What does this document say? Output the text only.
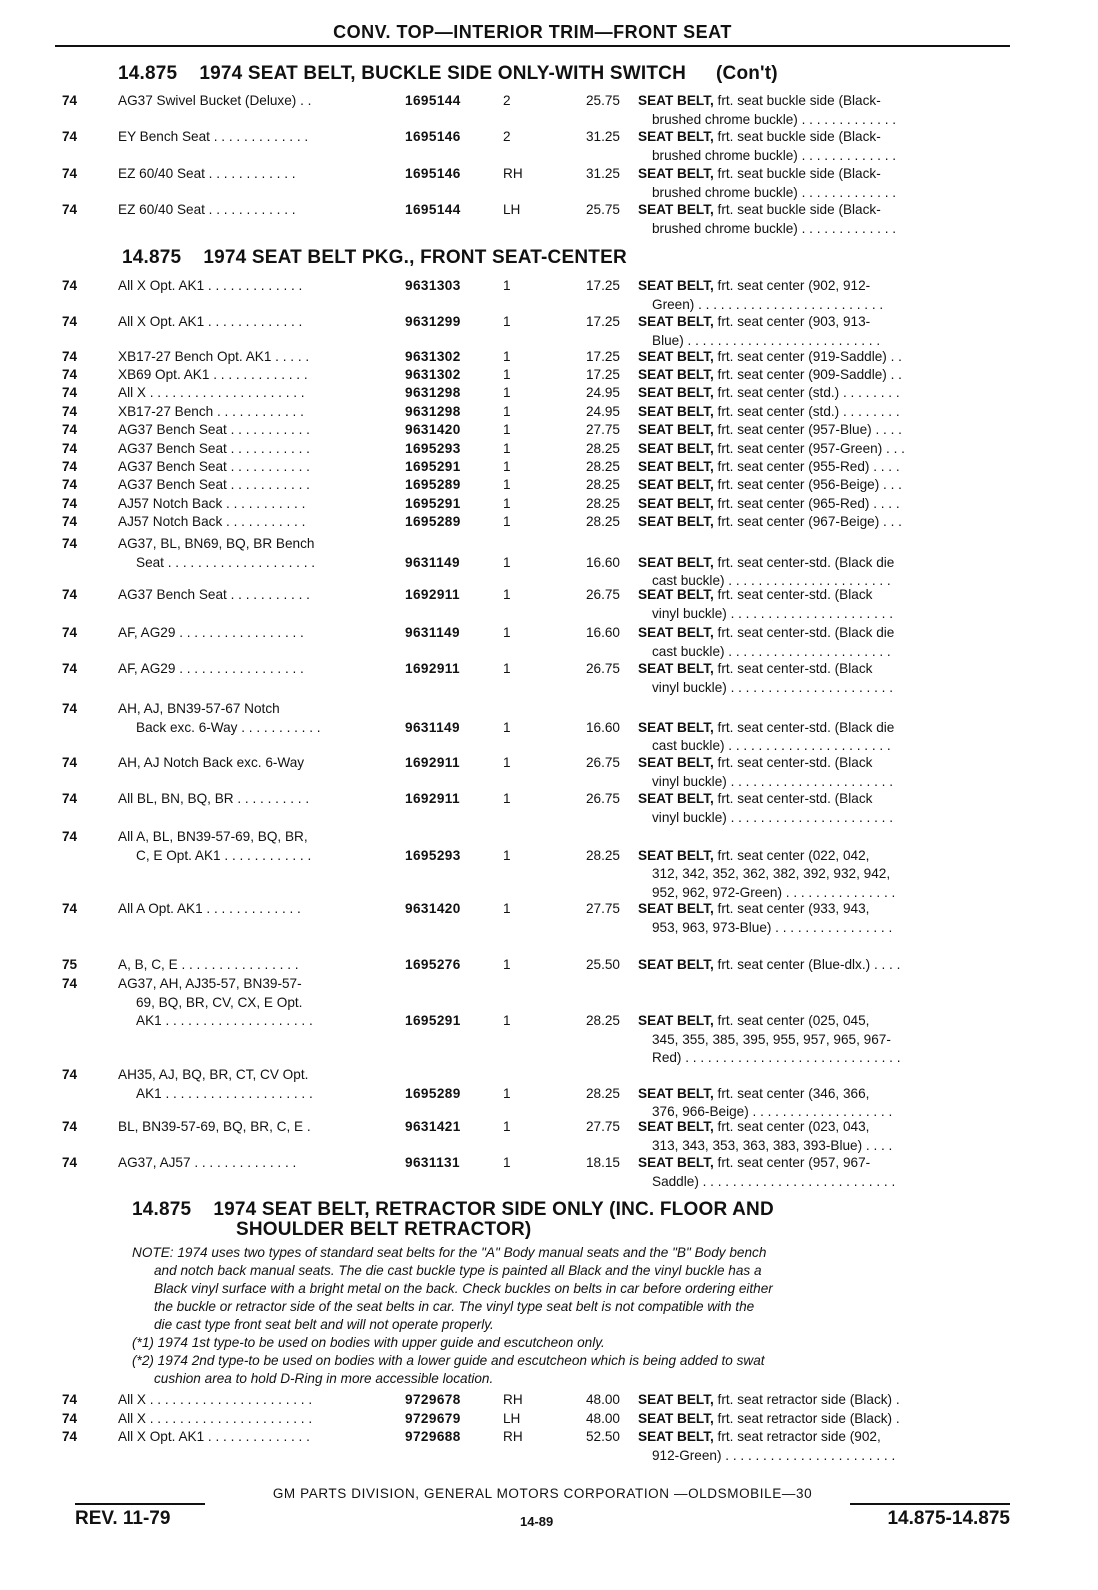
CONV. TOP—INTERIOR TRIM—FRONT SEAT
14.875 1974 SEAT BELT, BUCKLE SIDE ONLY-WITH SWITCH (Con't)
74	AG37 Swivel Bucket (Deluxe) . .	1695144	2	25.75 SEAT BELT, frt. seat buckle side (Black-
brushed chrome buckle) . . . . . . . . . . . . .
74	EY Bench Seat . . . . . . . . . . . . .	1695146	2	31.25 SEAT BELT, frt. seat buckle side (Black-
brushed chrome buckle) . . . . . . . . . . . . .
74	EZ 60/40 Seat . . . . . . . . . . . .	1695146	RH	31.25 SEAT BELT, frt. seat buckle side (Black-
brushed chrome buckle) . . . . . . . . . . . . .
74	EZ 60/40 Seat . . . . . . . . . . . .	1695144	LH	25.75 SEAT BELT, frt. seat buckle side (Black-
brushed chrome buckle) . . . . . . . . . . . . .
14.875 1974 SEAT BELT PKG., FRONT SEAT-CENTER
74	All X Opt. AK1 . . . . . . . . . . . . .	9631303	1	17.25 SEAT BELT, frt. seat center (902, 912-
Green) . . . . . . . . . . . . . . . . . . . . . . . . .
74	All X Opt. AK1 . . . . . . . . . . . . .	9631299	1	17.25 SEAT BELT, frt. seat center (903, 913-
Blue) . . . . . . . . . . . . . . . . . . . . . . . . . .
74	XB17-27 Bench Opt. AK1 . . . . .	9631302	1	17.25 SEAT BELT, frt. seat center (919-Saddle) . .
74	XB69 Opt. AK1 . . . . . . . . . . . . .	9631302	1	17.25 SEAT BELT, frt. seat center (909-Saddle) . .
74	All X . . . . . . . . . . . . . . . . . . . . .	9631298	1	24.95 SEAT BELT, frt. seat center (std.) . . . . . . . .
74	XB17-27 Bench . . . . . . . . . . . .	9631298	1	24.95 SEAT BELT, frt. seat center (std.) . . . . . . . .
74	AG37 Bench Seat . . . . . . . . . . .	9631420	1	27.75 SEAT BELT, frt. seat center (957-Blue) . . . .
74	AG37 Bench Seat . . . . . . . . . . .	1695293	1	28.25 SEAT BELT, frt. seat center (957-Green) . . .
74	AG37 Bench Seat . . . . . . . . . . .	1695291	1	28.25 SEAT BELT, frt. seat center (955-Red) . . . .
74	AG37 Bench Seat . . . . . . . . . . .	1695289	1	28.25 SEAT BELT, frt. seat center (956-Beige) . . .
74	AJ57 Notch Back . . . . . . . . . . .	1695291	1	28.25 SEAT BELT, frt. seat center (965-Red) . . . .
74	AJ57 Notch Back . . . . . . . . . . .	1695289	1	28.25 SEAT BELT, frt. seat center (967-Beige) . . .
74	AG37, BL, BN69, BQ, BR Bench
Seat . . . . . . . . . . . . . . . . . . . .	9631149	1	16.60 SEAT BELT, frt. seat center-std. (Black die
cast buckle) . . . . . . . . . . . . . . . . . . . . . .
74	AG37 Bench Seat . . . . . . . . . . .	1692911	1	26.75 SEAT BELT, frt. seat center-std. (Black
vinyl buckle) . . . . . . . . . . . . . . . . . . . . . .
74	AF, AG29 . . . . . . . . . . . . . . . . .	9631149	1	16.60 SEAT BELT, frt. seat center-std. (Black die
cast buckle) . . . . . . . . . . . . . . . . . . . . . .
74	AF, AG29 . . . . . . . . . . . . . . . . .	1692911	1	26.75 SEAT BELT, frt. seat center-std. (Black
vinyl buckle) . . . . . . . . . . . . . . . . . . . . . .
74	AH, AJ, BN39-57-67 Notch
Back exc. 6-Way . . . . . . . . . . .	9631149	1	16.60 SEAT BELT, frt. seat center-std. (Black die
cast buckle) . . . . . . . . . . . . . . . . . . . . . .
74	AH, AJ Notch Back exc. 6-Way	1692911	1	26.75 SEAT BELT, frt. seat center-std. (Black
vinyl buckle) . . . . . . . . . . . . . . . . . . . . . .
74	All BL, BN, BQ, BR . . . . . . . . . .	1692911	1	26.75 SEAT BELT, frt. seat center-std. (Black
vinyl buckle) . . . . . . . . . . . . . . . . . . . . . .
74	All A, BL, BN39-57-69, BQ, BR,
C, E Opt. AK1 . . . . . . . . . . . .	1695293	1	28.25 SEAT BELT, frt. seat center (022, 042,
312, 342, 352, 362, 382, 392, 932, 942,
952, 962, 972-Green) . . . . . . . . . . . . . . .
74	All A Opt. AK1 . . . . . . . . . . . . .	9631420	1	27.75 SEAT BELT, frt. seat center (933, 943,
953, 963, 973-Blue) . . . . . . . . . . . . . . . .
75	A, B, C, E . . . . . . . . . . . . . . . .	1695276	1	25.50 SEAT BELT, frt. seat center (Blue-dlx.) . . . .
74	AG37, AH, AJ35-57, BN39-57-
69, BQ, BR, CV, CX, E Opt.
AK1 . . . . . . . . . . . . . . . . . . . .	1695291	1	28.25 SEAT BELT, frt. seat center (025, 045,
345, 355, 385, 395, 955, 957, 965, 967-
Red) . . . . . . . . . . . . . . . . . . . . . . . . . . . . .
74	AH35, AJ, BQ, BR, CT, CV Opt.
AK1 . . . . . . . . . . . . . . . . . . . .	1695289	1	28.25 SEAT BELT, frt. seat center (346, 366,
376, 966-Beige) . . . . . . . . . . . . . . . . . . .
74	BL, BN39-57-69, BQ, BR, C, E .	9631421	1	27.75 SEAT BELT, frt. seat center (023, 043,
313, 343, 353, 363, 383, 393-Blue) . . . .
74	AG37, AJ57 . . . . . . . . . . . . . .	9631131	1	18.15 SEAT BELT, frt. seat center (957, 967-
Saddle) . . . . . . . . . . . . . . . . . . . . . . . . . .
14.875 1974 SEAT BELT, RETRACTOR SIDE ONLY (INC. FLOOR AND
SHOULDER BELT RETRACTOR)
NOTE: 1974 uses two types of standard seat belts for the "A" Body manual seats and the "B" Body bench
and notch back manual seats. The die cast buckle type is painted all Black and the vinyl buckle has a
Black vinyl surface with a bright metal on the back. Check buckles on belts in car before ordering either
the buckle or retractor side of the seat belts in car. The vinyl type seat belt is not compatible with the
die cast type front seat belt and will not operate properly.
(*1) 1974 1st type-to be used on bodies with upper guide and escutcheon only.
(*2) 1974 2nd type-to be used on bodies with a lower guide and escutcheon which is being added to swat
cushion area to hold D-Ring in more accessible location.
74	All X . . . . . . . . . . . . . . . . . . . . . .	9729678	RH	48.00 SEAT BELT, frt. seat retractor side (Black) .
74	All X . . . . . . . . . . . . . . . . . . . . . .	9729679	LH	48.00 SEAT BELT, frt. seat retractor side (Black) .
74	All X Opt. AK1 . . . . . . . . . . . . . .	9729688	RH	52.50 SEAT BELT, frt. seat retractor side (902,
912-Green) . . . . . . . . . . . . . . . . . . . . . . .
GM PARTS DIVISION, GENERAL MOTORS CORPORATION —OLDSMOBILE—30
REV. 11-79	14-89	14.875-14.875
